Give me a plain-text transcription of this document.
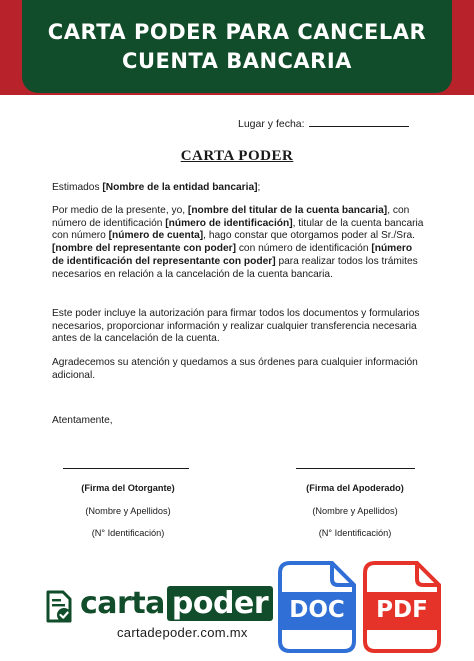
CARTA PODER PARA CANCELAR
CUENTA BANCARIA
Lugar y fecha:
CARTA PODER
Estimados [Nombre de la entidad bancaria];
Por medio de la presente, yo, [nombre del titular de la cuenta bancaria], con número de identificación [número de identificación], titular de la cuenta bancaria con número [número de cuenta], hago constar que otorgamos poder al Sr./Sra. [nombre del representante con poder] con número de identificación [número de identificación del representante con poder] para realizar todos los trámites necesarios en relación a la cancelación de la cuenta bancaria.
Este poder incluye la autorización para firmar todos los documentos y formularios necesarios, proporcionar información y realizar cualquier transferencia necesaria antes de la cancelación de la cuenta.
Agradecemos su atención y quedamos a sus órdenes para cualquier información adicional.
Atentamente,
(Firma del Otorgante)
(Nombre y Apellidos)
(N° Identificación)
(Firma del Apoderado)
(Nombre y Apellidos)
(N° Identificación)
carta poder
cartadepoder.com.mx
DOC	PDF
